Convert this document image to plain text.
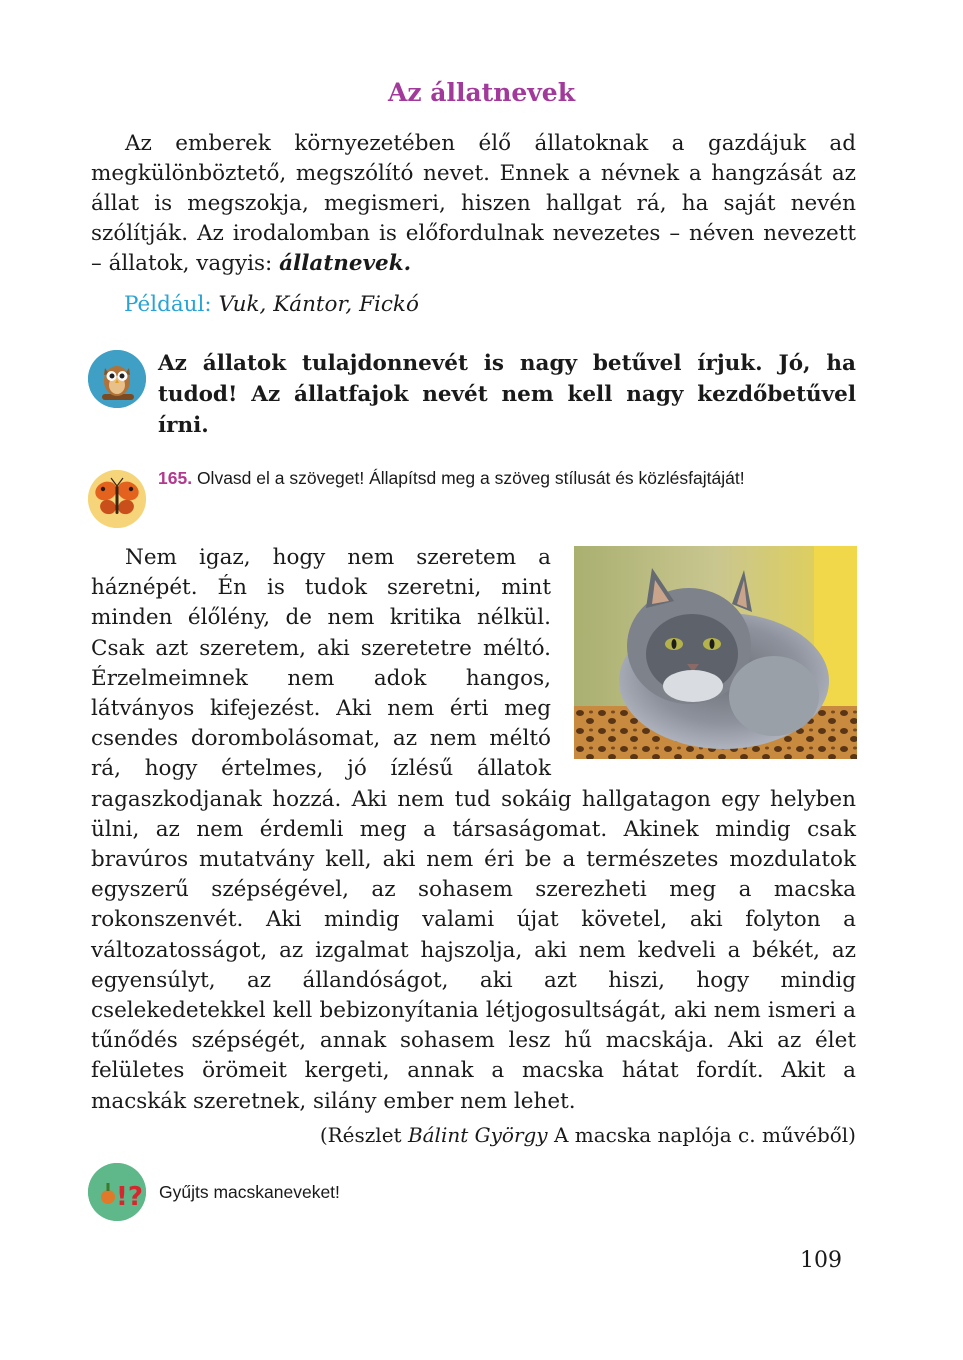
Az állatnevek

Az emberek környezetében élő állatoknak a gazdájuk ad megkülönböztető, megszólító nevet. Ennek a névnek a hangzását az állat is megszokja, megismeri, hiszen hallgat rá, ha saját nevén szólítják. Az irodalomban is előfordulnak nevezetes – néven nevezett – állatok, vagyis: állatnevek.

Például: Vuk, Kántor, Fickó

Az állatok tulajdonnevét is nagy betűvel írjuk. Jó, ha tudod! Az állatfajok nevét nem kell nagy kezdőbetűvel írni.

165. Olvasd el a szöveget! Állapítsd meg a szöveg stílusát és közlésfajtáját!

Nem igaz, hogy nem szeretem a háznépét. Én is tudok szeretni, mint minden élőlény, de nem kritika nélkül. Csak azt szeretem, aki szeretetre méltó. Érzelmeimnek nem adok hangos, látványos kifejezést. Aki nem érti meg csendes dorombolásomat, az nem méltó rá, hogy értelmes, jó ízlésű állatok ragaszkodjanak hozzá. Aki nem tud sokáig hallgatagon egy helyben ülni, az nem érdemli meg a társaságomat. Akinek mindig csak bravúros mutatvány kell, aki nem éri be a természetes mozdulatok egyszerű szépségével, az sohasem szerezheti meg a macska rokonszenvét. Aki mindig valami újat követel, aki folyton a változatosságot, az izgalmat hajszolja, aki nem kedveli a békét, az egyensúlyt, az állandóságot, aki azt hiszi, hogy mindig cselekedetekkel kell bebizonyítania létjogosultságát, aki nem ismeri a tűnődés szépségét, annak sohasem lesz hű macskája. Aki az élet felületes örömeit kergeti, annak a macska hátat fordít. Akit a macskák szeretnek, silány ember nem lehet.

(Részlet Bálint György A macska naplója c. művéből)
!? Gyűjts macskaneveket!
109
